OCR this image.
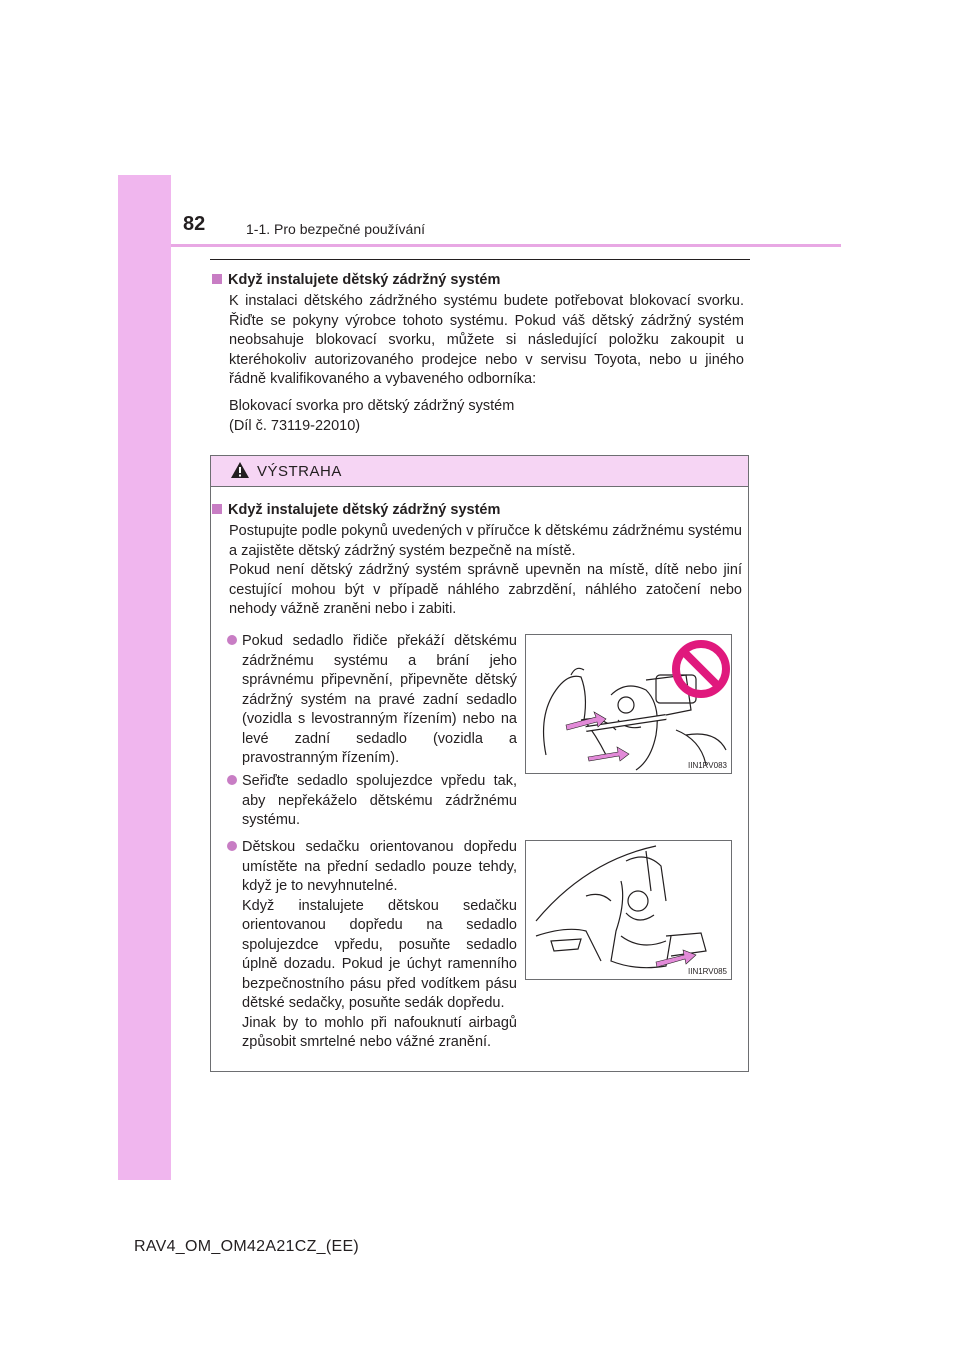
82	1-1. Pro bezpečné používání
Když instalujete dětský zádržný systém
K instalaci dětského zádržného systému budete potřebovat blokovací svorku. Řiďte se pokyny výrobce tohoto systému. Pokud váš dětský zádržný systém neobsahuje blokovací svorku, můžete si následující položku zakoupit u kteréhokoliv autorizovaného prodejce nebo v servisu Toyota, nebo u jiného řádně kvalifikovaného a vybaveného odborníka:
Blokovací svorka pro dětský zádržný systém
(Díl č. 73119-22010)
VÝSTRAHA
Když instalujete dětský zádržný systém
Postupujte podle pokynů uvedených v příručce k dětskému zádržnému systému a zajistěte dětský zádržný systém bezpečně na místě.
Pokud není dětský zádržný systém správně upevněn na místě, dítě nebo jiní cestující mohou být v případě náhlého zabrzdění, náhlého zatočení nebo nehody vážně zraněni nebo i zabiti.
Pokud sedadlo řidiče překáží dětskému zádržnému systému a brání jeho správnému připevnění, připevněte dětský zádržný systém na pravé zadní sedadlo (vozidla s levostranným řízením) nebo na levé zadní sedadlo (vozidla a pravostranným řízením).
Seřiďte sedadlo spolujezdce vpředu tak, aby nepřekáželo dětskému zádržnému systému.
Dětskou sedačku orientovanou dopředu umístěte na přední sedadlo pouze tehdy, když je to nevyhnutelné.
Když instalujete dětskou sedačku orientovanou dopředu na sedadlo spolujezdce vpředu, posuňte sedadlo úplně dozadu. Pokud je úchyt ramenního bezpečnostního pásu před vodítkem pásu dětské sedačky, posuňte sedák dopředu.
Jinak by to mohlo při nafouknutí airbagů způsobit smrtelné nebo vážné zranění.
IIN1RV083
IIN1RV085
RAV4_OM_OM42A21CZ_(EE)
